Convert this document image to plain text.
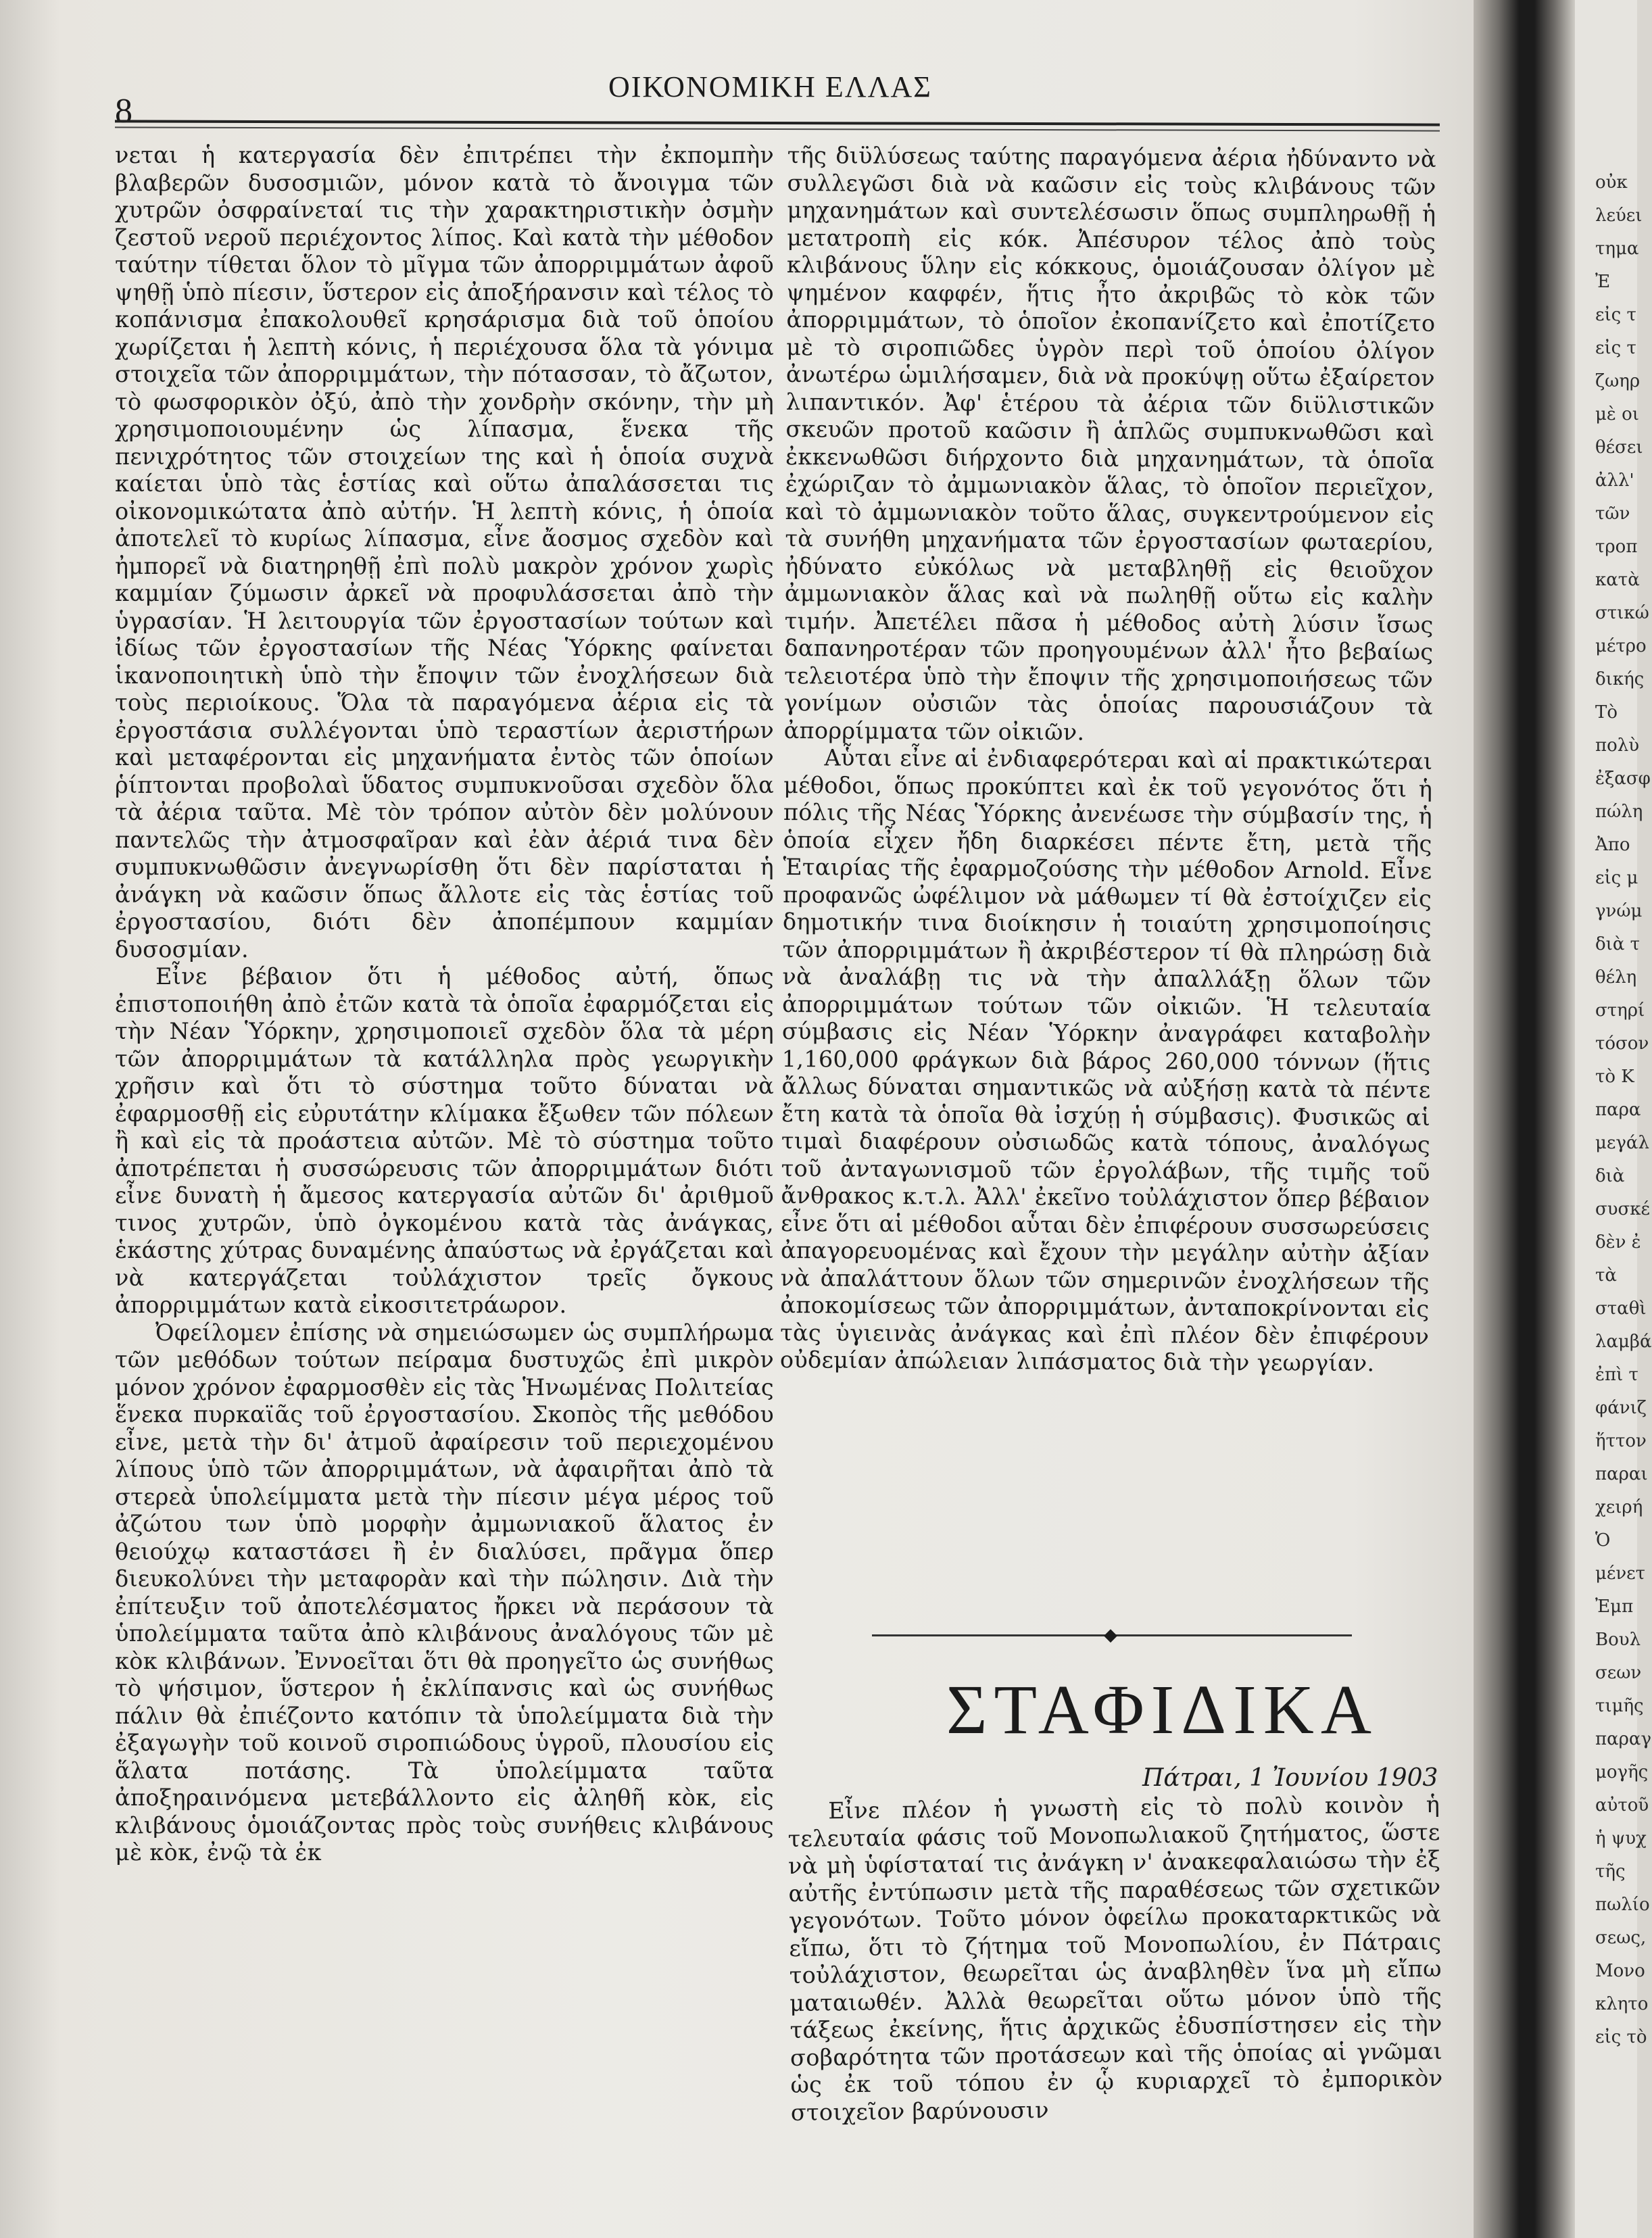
8
ΟΙΚΟΝΟΜΙΚΗ ΕΛΛΑΣ

νεται ἡ κατεργασία δὲν ἐπιτρέπει τὴν ἐκπομπὴν βλαβερῶν δυσοσμιῶν, μόνον κατὰ τὸ ἄνοιγμα τῶν χυτρῶν ὀσφραίνεταί τις τὴν χαρακτηριστικὴν ὀσμὴν ζεστοῦ νεροῦ περιέχοντος λίπος. Καὶ κατὰ τὴν μέθοδον ταύτην τίθεται ὅλον τὸ μῖγμα τῶν ἀπορριμμάτων ἀφοῦ ψηθῇ ὑπὸ πίεσιν, ὕστερον εἰς ἀποξήρανσιν καὶ τέλος τὸ κοπάνισμα ἐπακολουθεῖ κρησάρισμα διὰ τοῦ ὁποίου χωρίζεται ἡ λεπτὴ κόνις, ἡ περιέχουσα ὅλα τὰ γόνιμα στοιχεῖα τῶν ἀπορριμμάτων, τὴν πότασσαν, τὸ ἄζωτον, τὸ φωσφορικὸν ὀξύ, ἀπὸ τὴν χονδρὴν σκόνην, τὴν μὴ χρησιμοποιουμένην ὡς λίπασμα, ἕνεκα τῆς πενιχρότητος τῶν στοιχείων της καὶ ἡ ὁποία συχνὰ καίεται ὑπὸ τὰς ἑστίας καὶ οὕτω ἀπαλάσσεται τις οἰκονομικώτατα ἀπὸ αὐτήν. Ἡ λεπτὴ κόνις, ἡ ὁποία ἀποτελεῖ τὸ κυρίως λίπασμα, εἶνε ἄοσμος σχεδὸν καὶ ἠμπορεῖ νὰ διατηρηθῇ ἐπὶ πολὺ μακρὸν χρόνον χωρὶς καμμίαν ζύμωσιν ἀρκεῖ νὰ προφυλάσσεται ἀπὸ τὴν ὑγρασίαν. Ἡ λειτουργία τῶν ἐργοστασίων τούτων καὶ ἰδίως τῶν ἐργοστασίων τῆς Νέας Ὑόρκης φαίνεται ἱκανοποιητικὴ ὑπὸ τὴν ἔποψιν τῶν ἐνοχλήσεων διὰ τοὺς περιοίκους. Ὅλα τὰ παραγόμενα ἀέρια εἰς τὰ ἐργοστάσια συλλέγονται ὑπὸ τεραστίων ἀεριστήρων καὶ μεταφέρονται εἰς μηχανήματα ἐντὸς τῶν ὁποίων ῥίπτονται προβολαὶ ὕδατος συμπυκνοῦσαι σχεδὸν ὅλα τὰ ἀέρια ταῦτα. Μὲ τὸν τρόπον αὐτὸν δὲν μολύνουν παντελῶς τὴν ἀτμοσφαῖραν καὶ ἐὰν ἀέριά τινα δὲν συμπυκνωθῶσιν ἀνεγνωρίσθη ὅτι δὲν παρίσταται ἡ ἀνάγκη νὰ καῶσιν ὅπως ἄλλοτε εἰς τὰς ἑστίας τοῦ ἐργοστασίου, διότι δὲν ἀποπέμπουν καμμίαν δυσοσμίαν.

Εἶνε βέβαιον ὅτι ἡ μέθοδος αὐτή, ὅπως ἐπιστοποιήθη ἀπὸ ἐτῶν κατὰ τὰ ὁποῖα ἐφαρμόζεται εἰς τὴν Νέαν Ὑόρκην, χρησιμοποιεῖ σχεδὸν ὅλα τὰ μέρη τῶν ἀπορριμμάτων τὰ κατάλληλα πρὸς γεωργικὴν χρῆσιν καὶ ὅτι τὸ σύστημα τοῦτο δύναται νὰ ἐφαρμοσθῇ εἰς εὐρυτάτην κλίμακα ἔξωθεν τῶν πόλεων ἢ καὶ εἰς τὰ προάστεια αὐτῶν. Μὲ τὸ σύστημα τοῦτο ἀποτρέπεται ἡ συσσώρευσις τῶν ἀπορριμμάτων διότι εἶνε δυνατὴ ἡ ἄμεσος κατεργασία αὐτῶν δι' ἀριθμοῦ τινος χυτρῶν, ὑπὸ ὀγκομένου κατὰ τὰς ἀνάγκας, ἑκάστης χύτρας δυναμένης ἀπαύστως νὰ ἐργάζεται καὶ νὰ κατεργάζεται τοὐλάχιστον τρεῖς ὄγκους ἀπορριμμάτων κατὰ εἰκοσιτετράωρον.

Ὀφείλομεν ἐπίσης νὰ σημειώσωμεν ὡς συμπλήρωμα τῶν μεθόδων τούτων πείραμα δυστυχῶς ἐπὶ μικρὸν μόνον χρόνον ἐφαρμοσθὲν εἰς τὰς Ἡνωμένας Πολιτείας ἕνεκα πυρκαϊᾶς τοῦ ἐργοστασίου. Σκοπὸς τῆς μεθόδου εἶνε, μετὰ τὴν δι' ἀτμοῦ ἀφαίρεσιν τοῦ περιεχομένου λίπους ὑπὸ τῶν ἀπορριμμάτων, νὰ ἀφαιρῆται ἀπὸ τὰ στερεὰ ὑπολείμματα μετὰ τὴν πίεσιν μέγα μέρος τοῦ ἀζώτου των ὑπὸ μορφὴν ἀμμωνιακοῦ ἅλατος ἐν θειούχῳ καταστάσει ἢ ἐν διαλύσει, πρᾶγμα ὅπερ διευκολύνει τὴν μεταφορὰν καὶ τὴν πώλησιν. Διὰ τὴν ἐπίτευξιν τοῦ ἀποτελέσματος ἤρκει νὰ περάσουν τὰ ὑπολείμματα ταῦτα ἀπὸ κλιβάνους ἀναλόγους τῶν μὲ κὸκ κλιβάνων. Ἐννοεῖται ὅτι θὰ προηγεῖτο ὡς συνήθως τὸ ψήσιμον, ὕστερον ἡ ἐκλίπανσις καὶ ὡς συνήθως πάλιν θὰ ἐπιέζοντο κατόπιν τὰ ὑπολείμματα διὰ τὴν ἐξαγωγὴν τοῦ κοινοῦ σιροπιώδους ὑγροῦ, πλουσίου εἰς ἅλατα ποτάσης. Τὰ ὑπολείμματα ταῦτα ἀποξηραινόμενα μετεβάλλοντο εἰς ἀληθῆ κὸκ, εἰς κλιβάνους ὁμοιάζοντας πρὸς τοὺς συνήθεις κλιβάνους μὲ κὸκ, ἐνῷ τὰ ἐκ

τῆς διϋλύσεως ταύτης παραγόμενα ἀέρια ἠδύναντο νὰ συλλεγῶσι διὰ νὰ καῶσιν εἰς τοὺς κλιβάνους τῶν μηχανημάτων καὶ συντελέσωσιν ὅπως συμπληρωθῇ ἡ μετατροπὴ εἰς κόκ. Ἀπέσυρον τέλος ἀπὸ τοὺς κλιβάνους ὕλην εἰς κόκκους, ὁμοιάζουσαν ὀλίγον μὲ ψημένον καφφέν, ἥτις ἦτο ἀκριβῶς τὸ κὸκ τῶν ἀπορριμμάτων, τὸ ὁποῖον ἐκοπανίζετο καὶ ἐποτίζετο μὲ τὸ σιροπιῶδες ὑγρὸν περὶ τοῦ ὁποίου ὀλίγον ἀνωτέρω ὡμιλήσαμεν, διὰ νὰ προκύψῃ οὕτω ἐξαίρετον λιπαντικόν. Ἀφ' ἑτέρου τὰ ἀέρια τῶν διϋλιστικῶν σκευῶν προτοῦ καῶσιν ἢ ἁπλῶς συμπυκνωθῶσι καὶ ἐκκενωθῶσι διήρχοντο διὰ μηχανημάτων, τὰ ὁποῖα ἐχώριζαν τὸ ἀμμωνιακὸν ἅλας, τὸ ὁποῖον περιεῖχον, καὶ τὸ ἀμμωνιακὸν τοῦτο ἅλας, συγκεντρούμενον εἰς τὰ συνήθη μηχανήματα τῶν ἐργοστασίων φωταερίου, ἠδύνατο εὐκόλως νὰ μεταβληθῇ εἰς θειοῦχον ἀμμωνιακὸν ἅλας καὶ νὰ πωληθῇ οὕτω εἰς καλὴν τιμήν. Ἀπετέλει πᾶσα ἡ μέθοδος αὐτὴ λύσιν ἴσως δαπανηροτέραν τῶν προηγουμένων ἀλλ' ἦτο βεβαίως τελειοτέρα ὑπὸ τὴν ἔποψιν τῆς χρησιμοποιήσεως τῶν γονίμων οὐσιῶν τὰς ὁποίας παρουσιάζουν τὰ ἀπορρίμματα τῶν οἰκιῶν.

Αὗται εἶνε αἱ ἐνδιαφερότεραι καὶ αἱ πρακτικώτεραι μέθοδοι, ὅπως προκύπτει καὶ ἐκ τοῦ γεγονότος ὅτι ἡ πόλις τῆς Νέας Ὑόρκης ἀνενέωσε τὴν σύμβασίν της, ἡ ὁποία εἶχεν ἤδη διαρκέσει πέντε ἔτη, μετὰ τῆς Ἑταιρίας τῆς ἐφαρμοζούσης τὴν μέθοδον Arnold. Εἶνε προφανῶς ὠφέλιμον νὰ μάθωμεν τί θὰ ἐστοίχιζεν εἰς δημοτικήν τινα διοίκησιν ἡ τοιαύτη χρησιμοποίησις τῶν ἀπορριμμάτων ἢ ἀκριβέστερον τί θὰ πληρώσῃ διὰ νὰ ἀναλάβῃ τις νὰ τὴν ἀπαλλάξῃ ὅλων τῶν ἀπορριμμάτων τούτων τῶν οἰκιῶν. Ἡ τελευταία σύμβασις εἰς Νέαν Ὑόρκην ἀναγράφει καταβολὴν 1,160,000 φράγκων διὰ βάρος 260,000 τόννων (ἥτις ἄλλως δύναται σημαντικῶς νὰ αὐξήσῃ κατὰ τὰ πέντε ἔτη κατὰ τὰ ὁποῖα θὰ ἰσχύῃ ἡ σύμβασις). Φυσικῶς αἱ τιμαὶ διαφέρουν οὐσιωδῶς κατὰ τόπους, ἀναλόγως τοῦ ἀνταγωνισμοῦ τῶν ἐργολάβων, τῆς τιμῆς τοῦ ἄνθρακος κ.τ.λ. Ἀλλ' ἐκεῖνο τοὐλάχιστον ὅπερ βέβαιον εἶνε ὅτι αἱ μέθοδοι αὗται δὲν ἐπιφέρουν συσσωρεύσεις ἀπαγορευομένας καὶ ἔχουν τὴν μεγάλην αὐτὴν ἀξίαν νὰ ἀπαλάττουν ὅλων τῶν σημερινῶν ἐνοχλήσεων τῆς ἀποκομίσεως τῶν ἀπορριμμάτων, ἀνταποκρίνονται εἰς τὰς ὑγιεινὰς ἀνάγκας καὶ ἐπὶ πλέον δὲν ἐπιφέρουν οὐδεμίαν ἀπώλειαν λιπάσματος διὰ τὴν γεωργίαν.

◆
ΣΤΑΦΙΔΙΚΑ
Πάτραι, 1 Ἰουνίου 1903

Εἶνε πλέον ἡ γνωστὴ εἰς τὸ πολὺ κοινὸν ἡ τελευταία φάσις τοῦ Μονοπωλιακοῦ ζητήματος, ὥστε νὰ μὴ ὑφίσταταί τις ἀνάγκη ν' ἀνακεφαλαιώσω τὴν ἐξ αὐτῆς ἐντύπωσιν μετὰ τῆς παραθέσεως τῶν σχετικῶν γεγονότων. Τοῦτο μόνον ὀφείλω προκαταρκτικῶς νὰ εἴπω, ὅτι τὸ ζήτημα τοῦ Μονοπωλίου, ἐν Πάτραις τοὐλάχιστον, θεωρεῖται ὡς ἀναβληθὲν ἵνα μὴ εἴπω ματαιωθέν. Ἀλλὰ θεωρεῖται οὕτω μόνον ὑπὸ τῆς τάξεως ἐκείνης, ἥτις ἀρχικῶς ἐδυσπίστησεν εἰς τὴν σοβαρότητα τῶν προτάσεων καὶ τῆς ὁποίας αἱ γνῶμαι ὡς ἐκ τοῦ τόπου ἐν ᾧ κυριαρχεῖ τὸ ἐμπορικὸν στοιχεῖον βαρύνουσιν

οὐκ
λεύει
τημα
Ἐ
εἰς τ
εἰς τ
ζωηρ
μὲ οι
θέσει
ἀλλ'
τῶν
τροπ
κατὰ
στικώ
μέτρο
δικής
Τὸ
πολὺ
ἐξασφ
πώλη
Ἀπο
εἰς μ
γνώμ
διὰ τ
θέλη
στηρί
τόσον
τὸ Κ
παρα
μεγάλ
διὰ
συσκέ
δὲν ἐ
τὰ
σταθὶ
λαμβά
ἐπὶ τ
φάνιζ
ἥττον
παραι
χειρή
Ὁ
μένετ
Ἐμπ
Βουλ
σεων
τιμῆς
παραγ
μογῆς
αὐτοῦ
ἡ ψυχ
τῆς
πωλίο
σεως,
Μονο
κλητο
εἰς τὸ
